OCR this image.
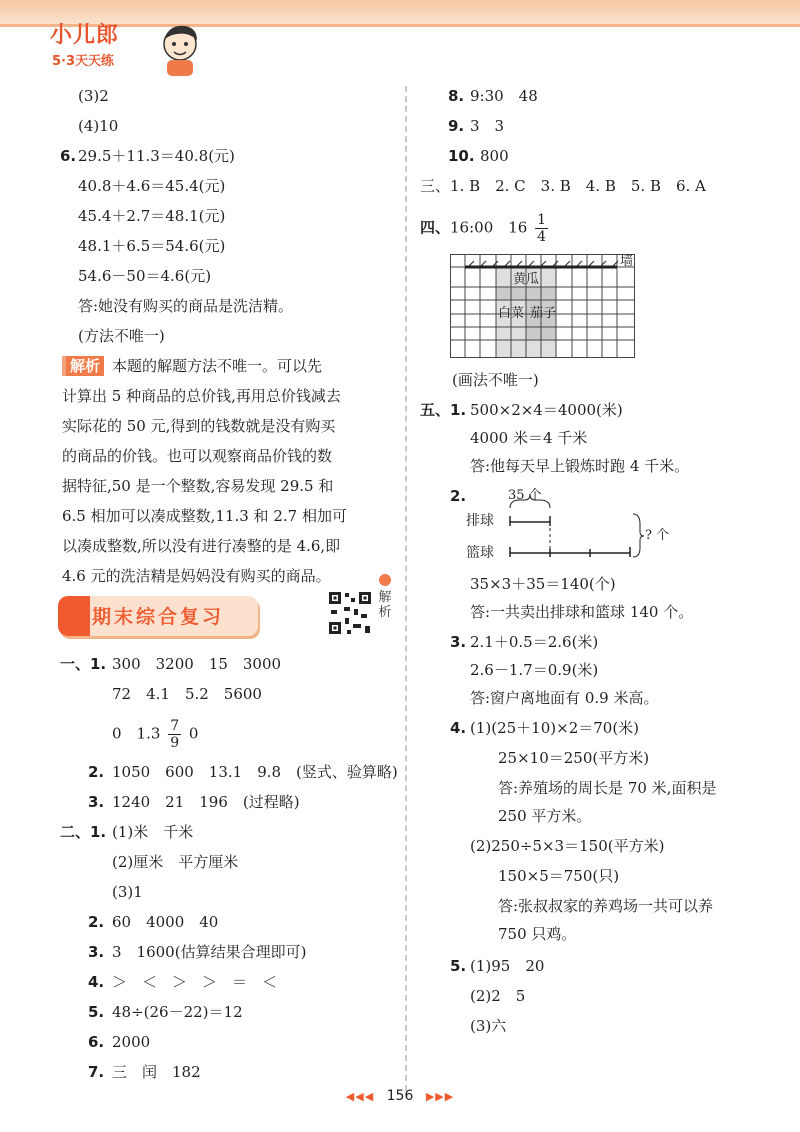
小儿郎
5·3天天练
(3)2
(4)10
6. 29.5＋11.3＝40.8(元)
40.8＋4.6＝45.4(元)
45.4＋2.7＝48.1(元)
48.1＋6.5＝54.6(元)
54.6－50＝4.6(元)
答:她没有购买的商品是洗洁精。
(方法不唯一)
解析 本题的解题方法不唯一。可以先
计算出 5 种商品的总价钱,再用总价钱减去
实际花的 50 元,得到的钱数就是没有购买
的商品的价钱。也可以观察商品价钱的数
据特征,50 是一个整数,容易发现 29.5 和
6.5 相加可以凑成整数,11.3 和 2.7 相加可
以凑成整数,所以没有进行凑整的是 4.6,即
4.6 元的洗洁精是妈妈没有购买的商品。
期末综合复习
解析
一、1. 300　3200　15　3000
72　4.1　5.2　5600
0　$1.3 \frac{7}{9} 0$
2. 1050　600　13.1　9.8　(竖式、验算略)
3. 1240　21　196　(过程略)
二、1. (1)米　千米
(2)厘米　平方厘米
(3)1
2. 60　4000　40
3. 3　1600(估算结果合理即可)
4. ＞　＜　＞　＞　＝　＜
5. 48÷(26－22)＝12
6. 2000
7. 三　闰　182
8. 9:30　48
9. 3　3
10. 800
三、1. B　2. C　3. B　4. B　5. B　6. A
四、16:00　$16 \frac{1}{4}$
墙
黄瓜
白菜 茄子
(画法不唯一)
五、1. 500×2×4＝4000(米)
4000 米＝4 千米
答:他每天早上锻炼时跑 4 千米。
2.	35 个
? 个
排球
篮球
35×3＋35＝140(个)
答:一共卖出排球和篮球 140 个。
3. 2.1＋0.5＝2.6(米)
2.6－1.7＝0.9(米)
答:窗户离地面有 0.9 米高。
4. (1)(25＋10)×2＝70(米)
25×10＝250(平方米)
答:养殖场的周长是 70 米,面积是
250 平方米。
(2)250÷5×3＝150(平方米)
150×5＝750(只)
答:张叔叔家的养鸡场一共可以养
750 只鸡。
5. (1)95　20
(2)2　5
(3)六
◀◀◀ 156 ▶▶▶
